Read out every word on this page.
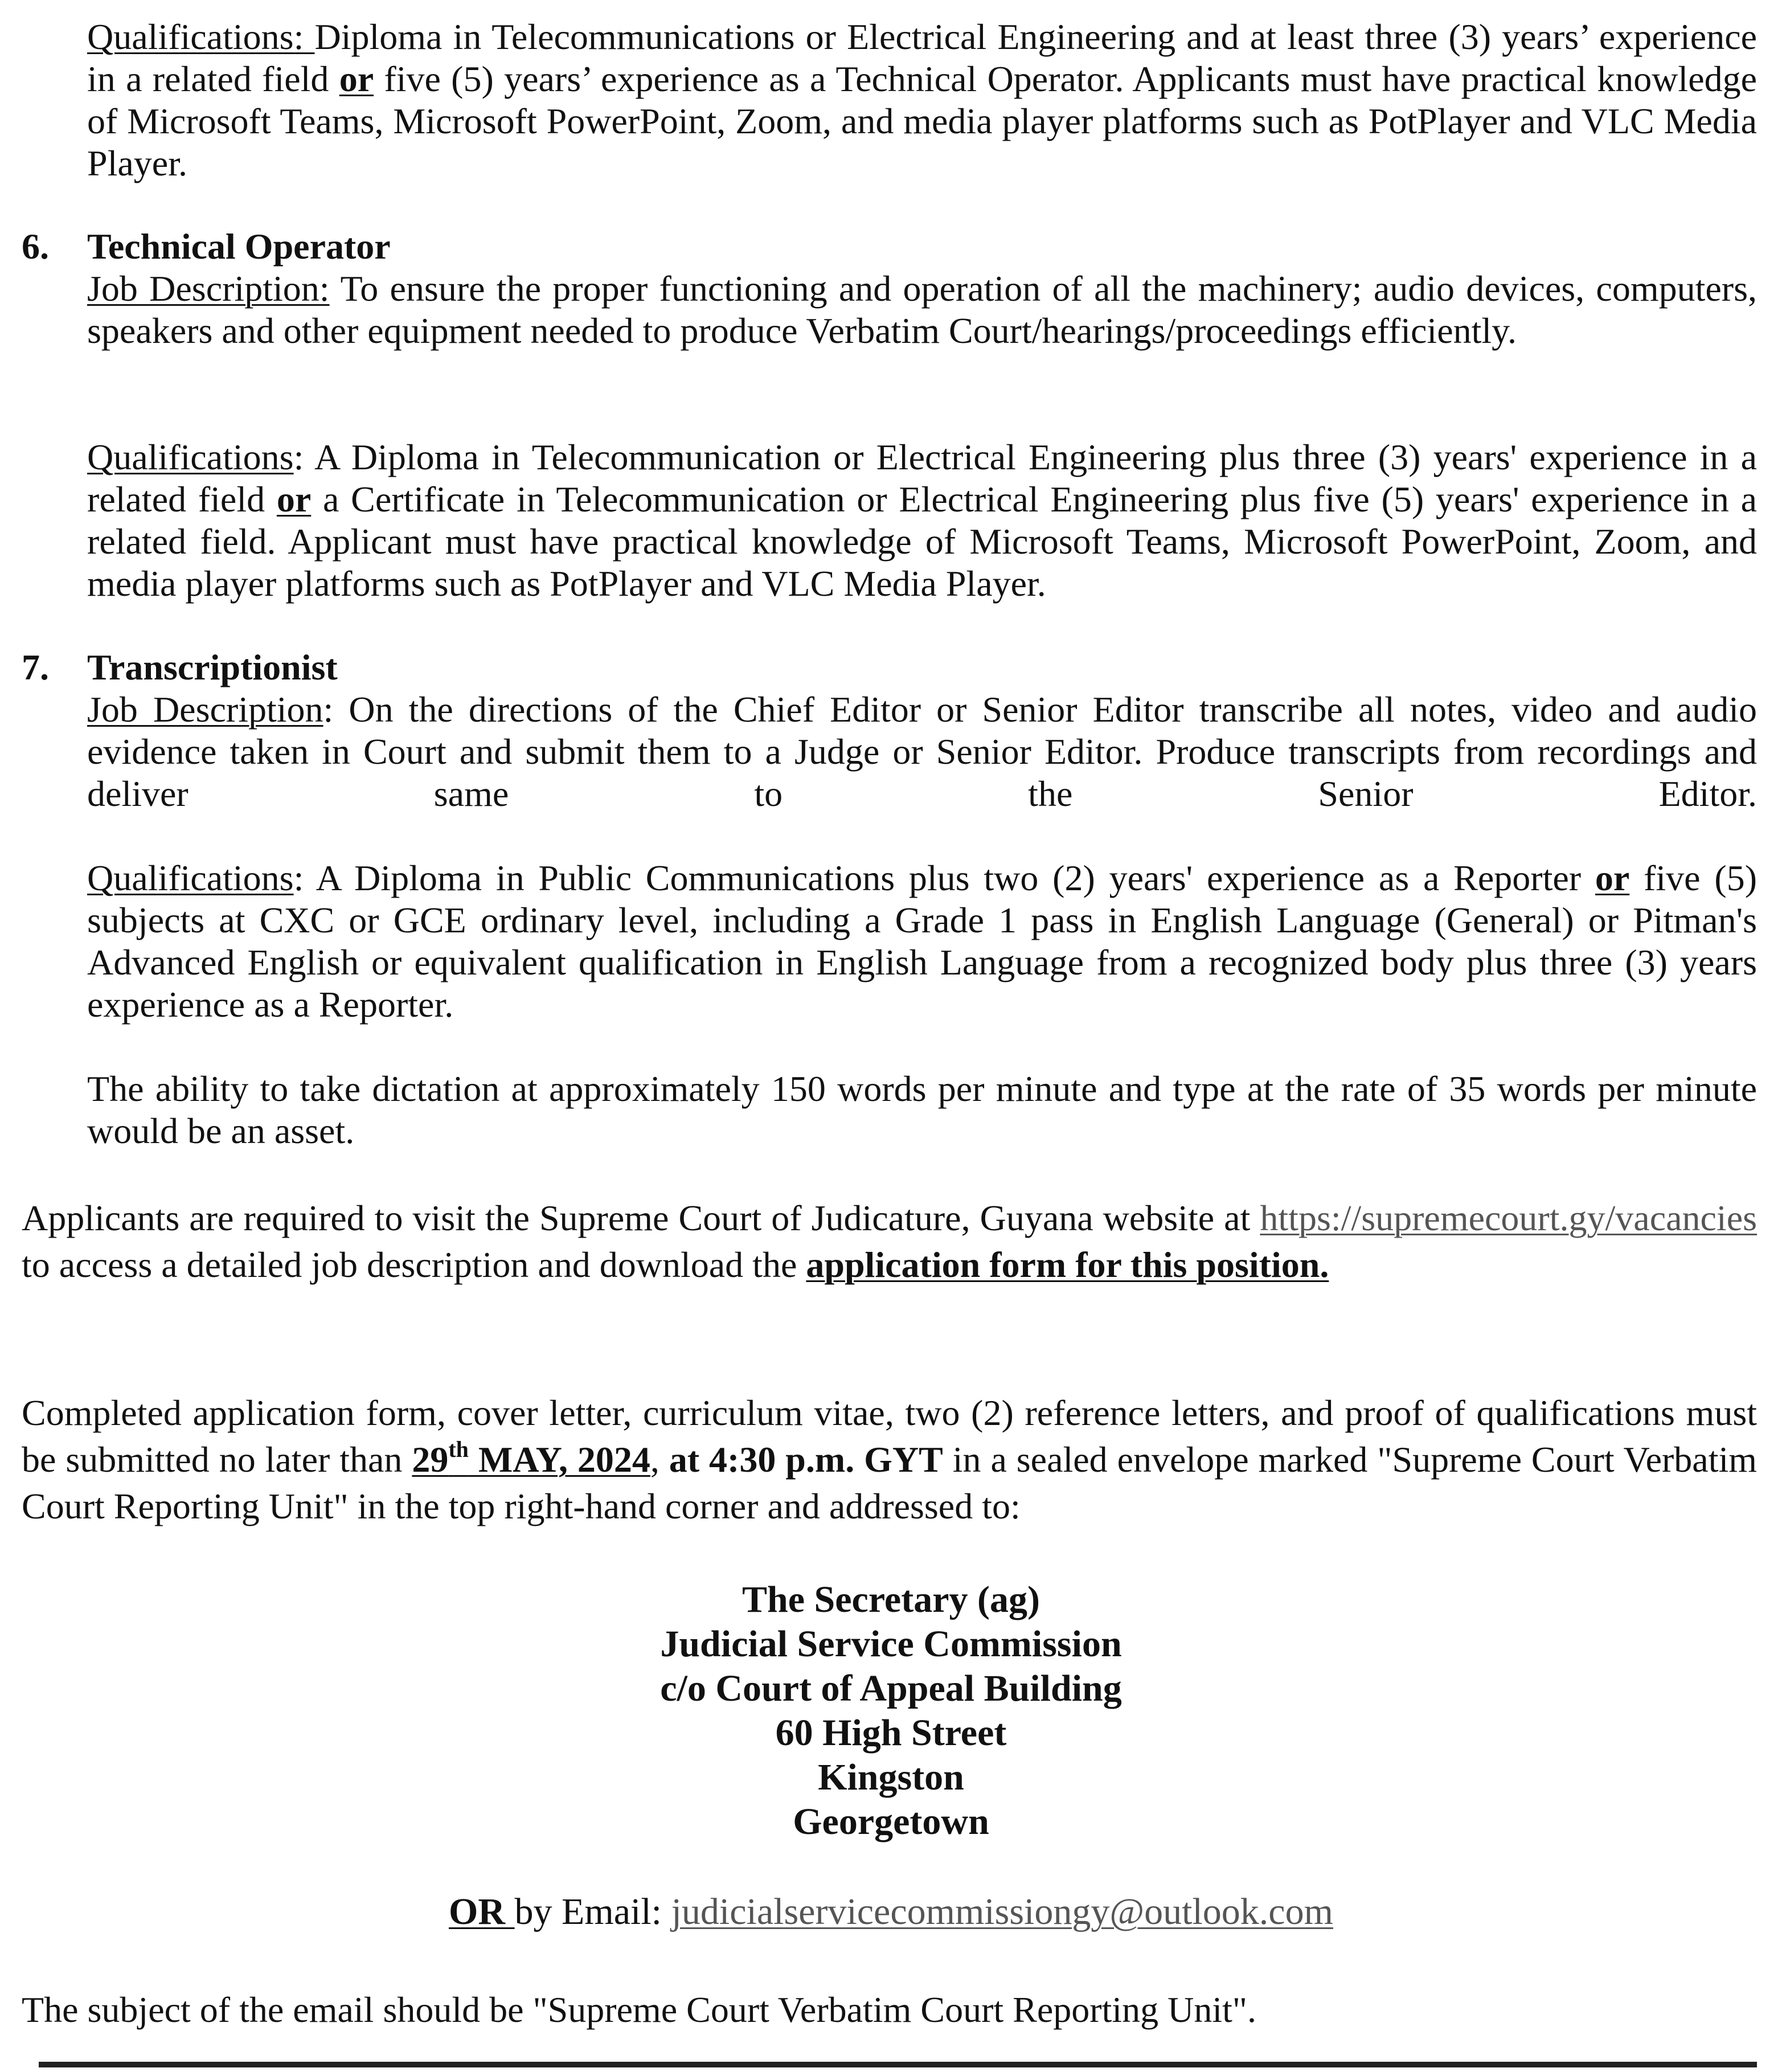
Qualifications: Diploma in Telecommunications or Electrical Engineering and at least three (3) years’ experience in a related field or five (5) years’ experience as a Technical Operator. Applicants must have practical knowledge of Microsoft Teams, Microsoft PowerPoint, Zoom, and media player platforms such as PotPlayer and VLC Media Player.

6. Technical Operator

Job Description: To ensure the proper functioning and operation of all the machinery; audio devices, computers, speakers and other equipment needed to produce Verbatim Court/hearings/proceedings efficiently.

Qualifications: A Diploma in Telecommunication or Electrical Engineering plus three (3) years' experience in a related field or a Certificate in Telecommunication or Electrical Engineering plus five (5) years' experience in a related field. Applicant must have practical knowledge of Microsoft Teams, Microsoft PowerPoint, Zoom, and media player platforms such as PotPlayer and VLC Media Player.

7. Transcriptionist

Job Description: On the directions of the Chief Editor or Senior Editor transcribe all notes, video and audio evidence taken in Court and submit them to a Judge or Senior Editor. Produce transcripts from recordings and deliver same to the Senior Editor.

Qualifications: A Diploma in Public Communications plus two (2) years' experience as a Reporter or five (5) subjects at CXC or GCE ordinary level, including a Grade 1 pass in English Language (General) or Pitman's Advanced English or equivalent qualification in English Language from a recognized body plus three (3) years experience as a Reporter.

The ability to take dictation at approximately 150 words per minute and type at the rate of 35 words per minute would be an asset.

Applicants are required to visit the Supreme Court of Judicature, Guyana website at https://supremecourt.gy/vacancies to access a detailed job description and download the application form for this position.

Completed application form, cover letter, curriculum vitae, two (2) reference letters, and proof of qualifications must be submitted no later than 29th MAY, 2024, at 4:30 p.m. GYT in a sealed envelope marked "Supreme Court Verbatim Court Reporting Unit" in the top right-hand corner and addressed to:

The Secretary (ag)

Judicial Service Commission

c/o Court of Appeal Building

60 High Street

Kingston

Georgetown

OR by Email: judicialservicecommissiongy@outlook.com

The subject of the email should be "Supreme Court Verbatim Court Reporting Unit".
